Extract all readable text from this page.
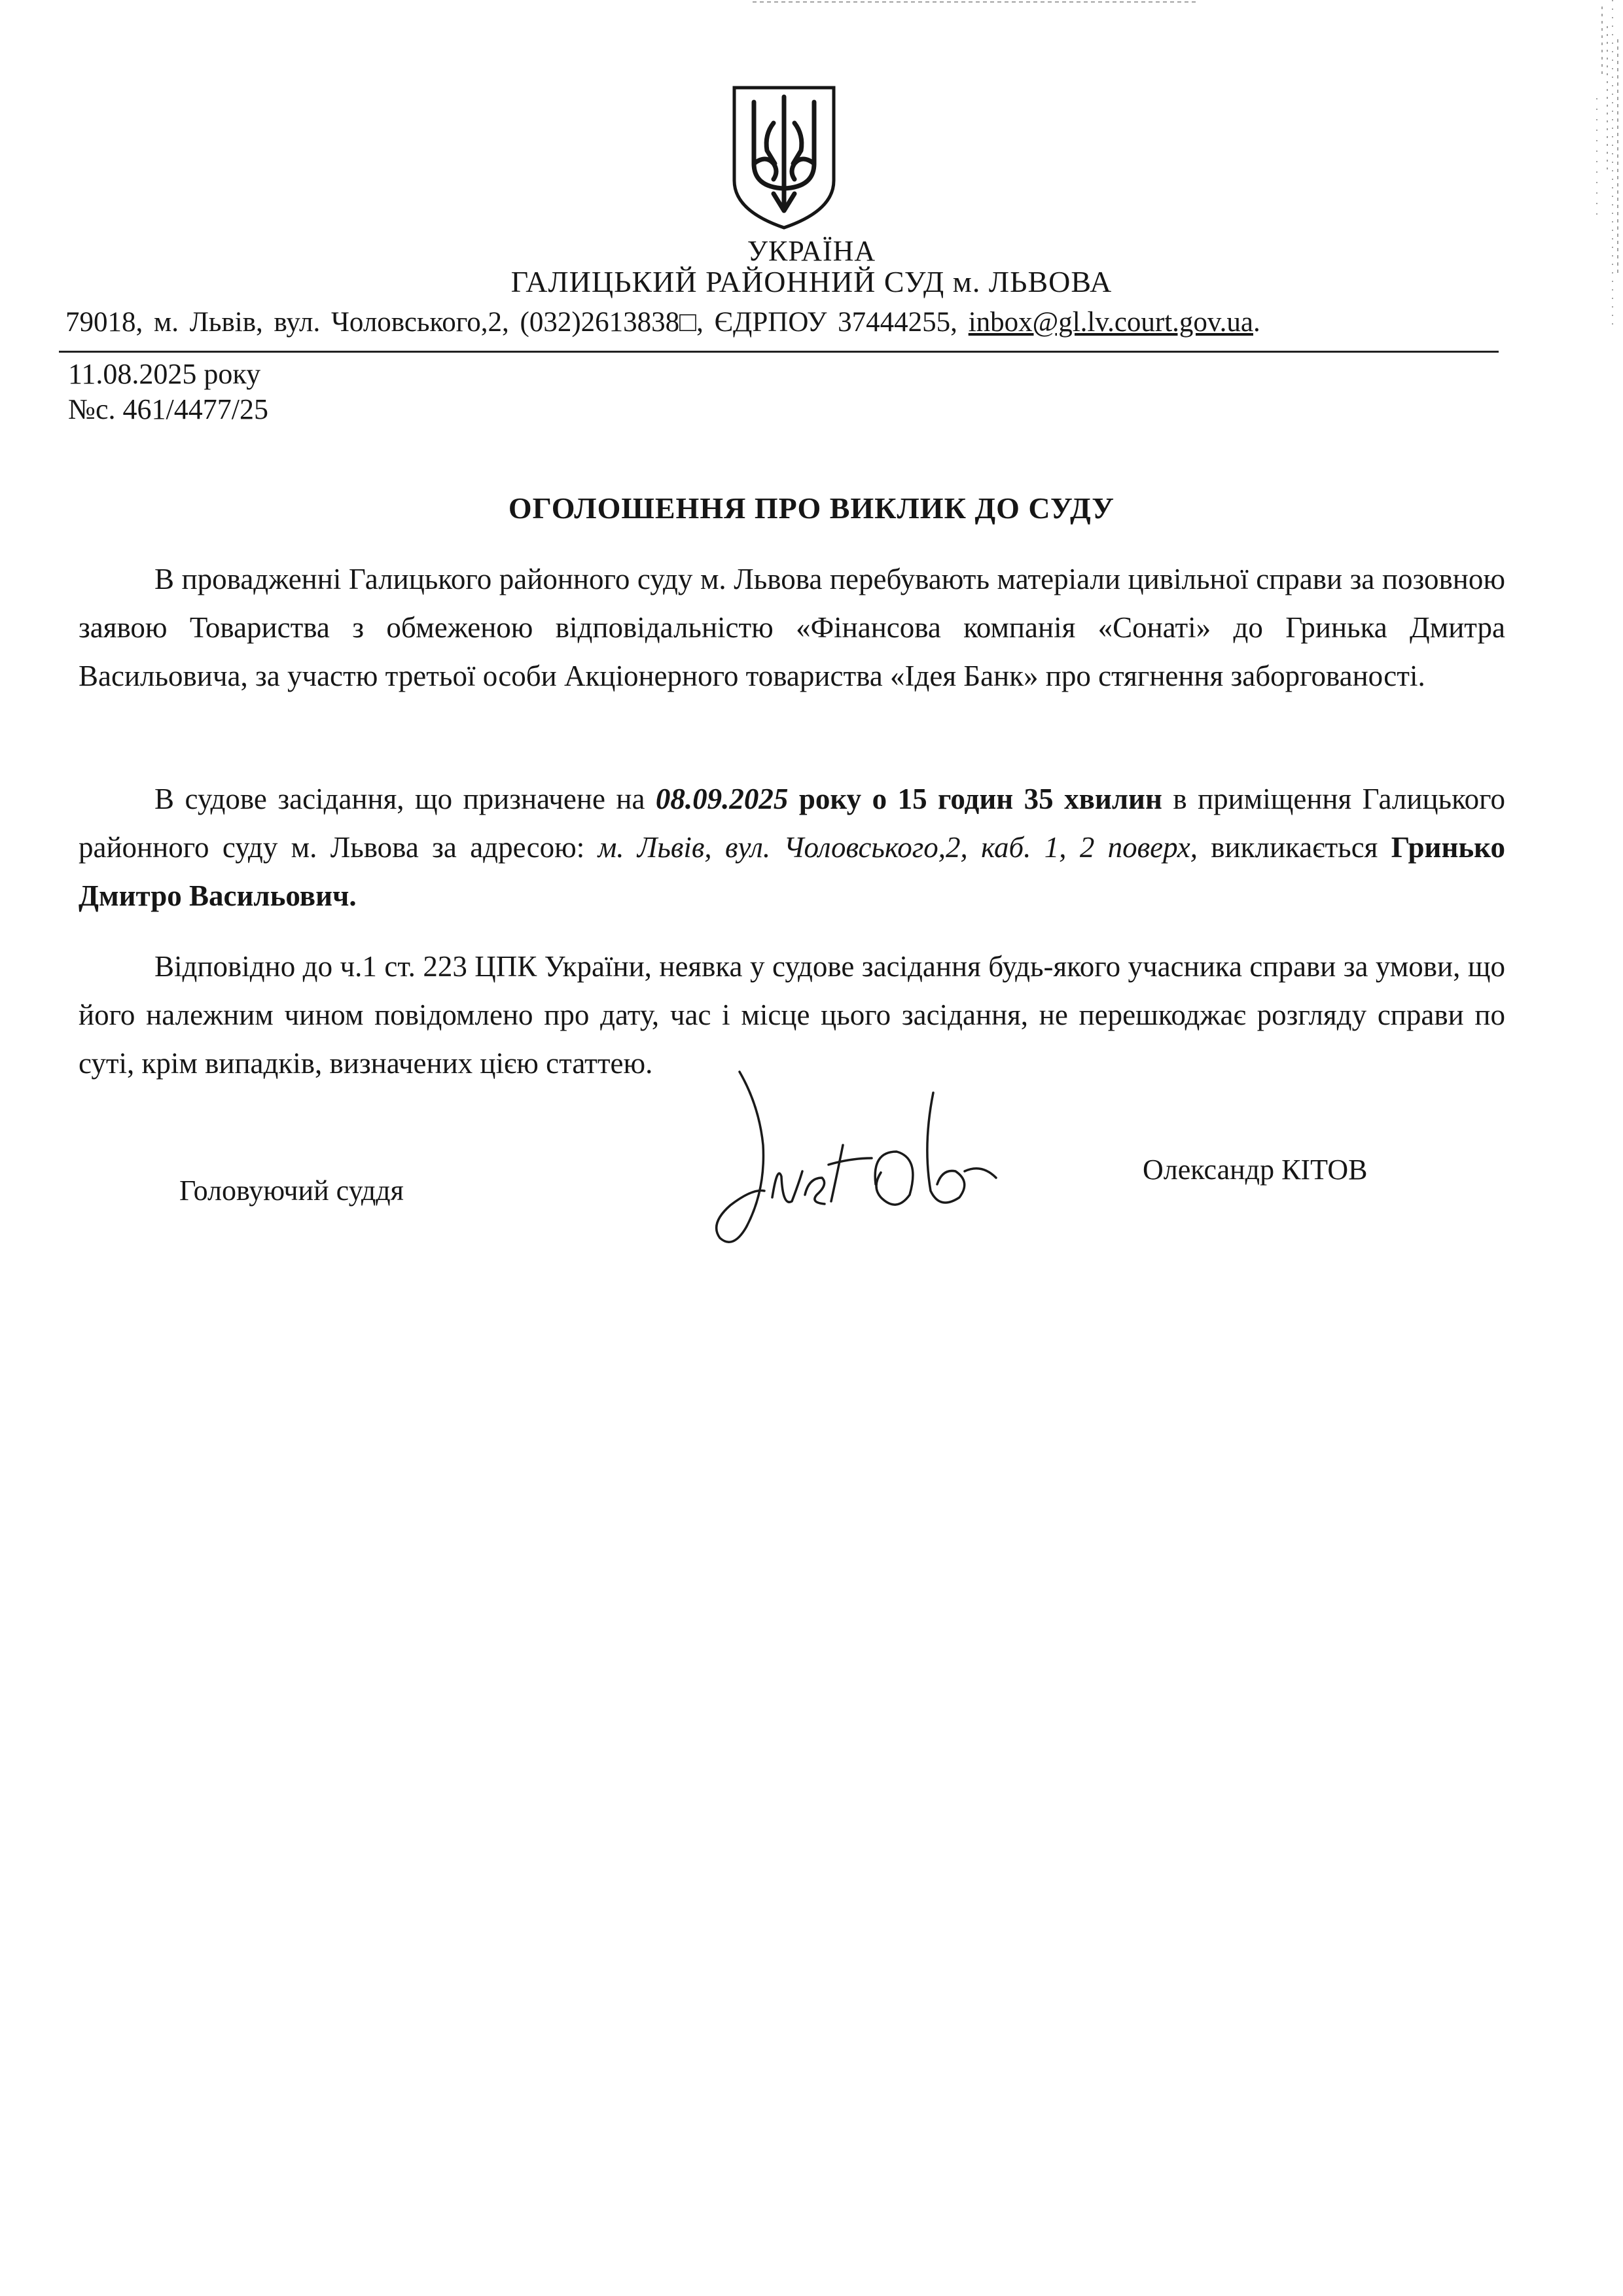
УКРАЇНА
ГАЛИЦЬКИЙ РАЙОННИЙ СУД м. ЛЬВОВА
79018, м. Львів, вул. Чоловського,2, (032)2613838□, ЄДРПОУ 37444255, inbox@gl.lv.court.gov.ua.
11.08.2025 року
№с. 461/4477/25
ОГОЛОШЕННЯ ПРО ВИКЛИК ДО СУДУ
В провадженні Галицького районного суду м. Львова перебувають матеріали цивільної справи за позовною заявою Товариства з обмеженою відповідальністю «Фінансова компанія «Сонаті» до Гринька Дмитра Васильовича, за участю третьої особи Акціонерного товариства «Ідея Банк» про стягнення заборгованості.
В судове засідання, що призначене на 08.09.2025 року о 15 годин 35 хвилин в приміщення Галицького районного суду м. Львова за адресою: м. Львів, вул. Чоловського,2, каб. 1, 2 поверх, викликається Гринько Дмитро Васильович.
Відповідно до ч.1 ст. 223 ЦПК України, неявка у судове засідання будь-якого учасника справи за умови, що його належним чином повідомлено про дату, час і місце цього засідання, не перешкоджає розгляду справи по суті, крім випадків, визначених цією статтею.
Головуючий суддя
Олександр КІТОВ
